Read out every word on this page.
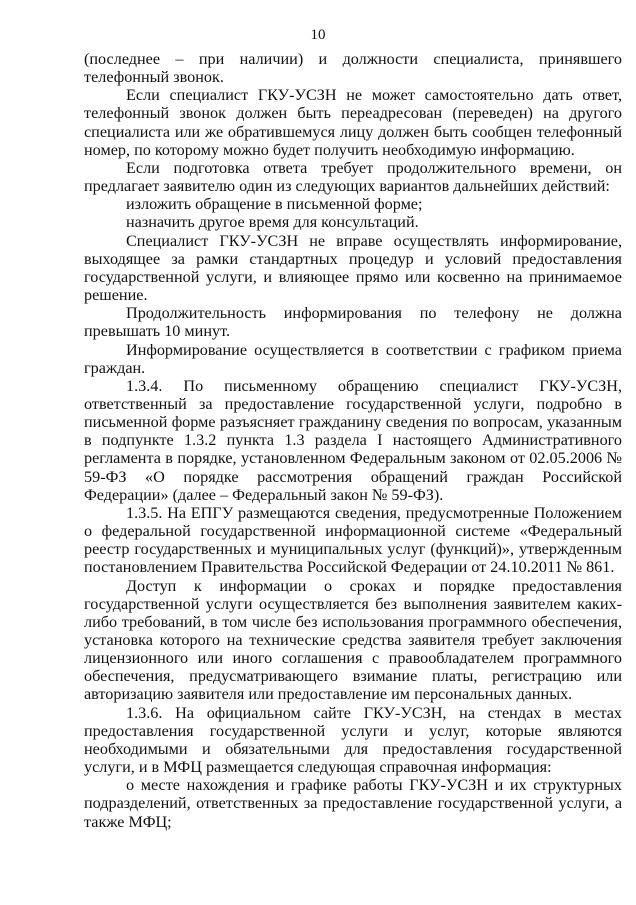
10

(последнее – при наличии) и должности специалиста, принявшего телефонный звонок.

Если специалист ГКУ-УСЗН не может самостоятельно дать ответ, телефонный звонок должен быть переадресован (переведен) на другого специалиста или же обратившемуся лицу должен быть сообщен телефонный номер, по которому можно будет получить необходимую информацию.

Если подготовка ответа требует продолжительного времени, он предлагает заявителю один из следующих вариантов дальнейших действий:

изложить обращение в письменной форме;

назначить другое время для консультаций.

Специалист ГКУ-УСЗН не вправе осуществлять информирование, выходящее за рамки стандартных процедур и условий предоставления государственной услуги, и влияющее прямо или косвенно на принимаемое решение.

Продолжительность информирования по телефону не должна превышать 10 минут.

Информирование осуществляется в соответствии с графиком приема граждан.

1.3.4. По письменному обращению специалист ГКУ-УСЗН, ответственный за предоставление государственной услуги, подробно в письменной форме разъясняет гражданину сведения по вопросам, указанным в подпункте 1.3.2 пункта 1.3 раздела I настоящего Административного регламента в порядке, установленном Федеральным законом от 02.05.2006 № 59-ФЗ «О порядке рассмотрения обращений граждан Российской Федерации» (далее – Федеральный закон № 59-ФЗ).

1.3.5. На ЕПГУ размещаются сведения, предусмотренные Положением о федеральной государственной информационной системе «Федеральный реестр государственных и муниципальных услуг (функций)», утвержденным постановлением Правительства Российской Федерации от 24.10.2011 № 861.

Доступ к информации о сроках и порядке предоставления государственной услуги осуществляется без выполнения заявителем каких-либо требований, в том числе без использования программного обеспечения, установка которого на технические средства заявителя требует заключения лицензионного или иного соглашения с правообладателем программного обеспечения, предусматривающего взимание платы, регистрацию или авторизацию заявителя или предоставление им персональных данных.

1.3.6. На официальном сайте ГКУ-УСЗН, на стендах в местах предоставления государственной услуги и услуг, которые являются необходимыми и обязательными для предоставления государственной услуги, и в МФЦ размещается следующая справочная информация:

о месте нахождения и графике работы ГКУ-УСЗН и их структурных подразделений, ответственных за предоставление государственной услуги, а также МФЦ;
